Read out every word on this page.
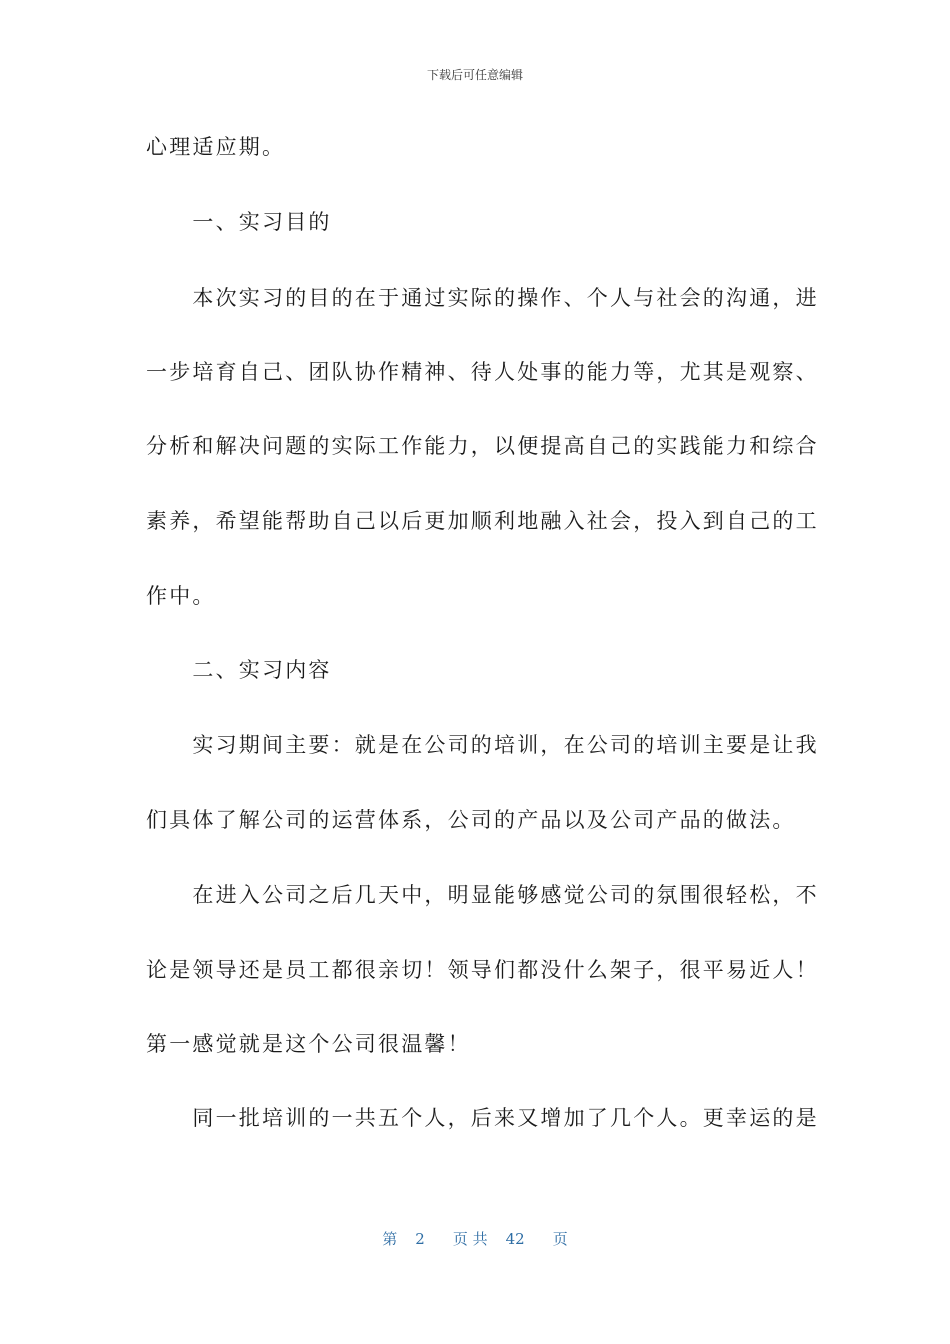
下载后可任意编辑
心理适应期。
　　一、实习目的
　　本次实习的目的在于通过实际的操作、个人与社会的沟通，进
一步培育自己、团队协作精神、待人处事的能力等，尤其是观察、
分析和解决问题的实际工作能力，以便提高自己的实践能力和综合
素养，希望能帮助自己以后更加顺利地融入社会，投入到自己的工
作中。
　　二、实习内容
　　实习期间主要：就是在公司的培训，在公司的培训主要是让我
们具体了解公司的运营体系，公司的产品以及公司产品的做法。
　　在进入公司之后几天中，明显能够感觉公司的氛围很轻松，不
论是领导还是员工都很亲切！领导们都没什么架子，很平易近人！
第一感觉就是这个公司很温馨！
　　同一批培训的一共五个人，后来又增加了几个人。更幸运的是
第 2 页 共 42 页
